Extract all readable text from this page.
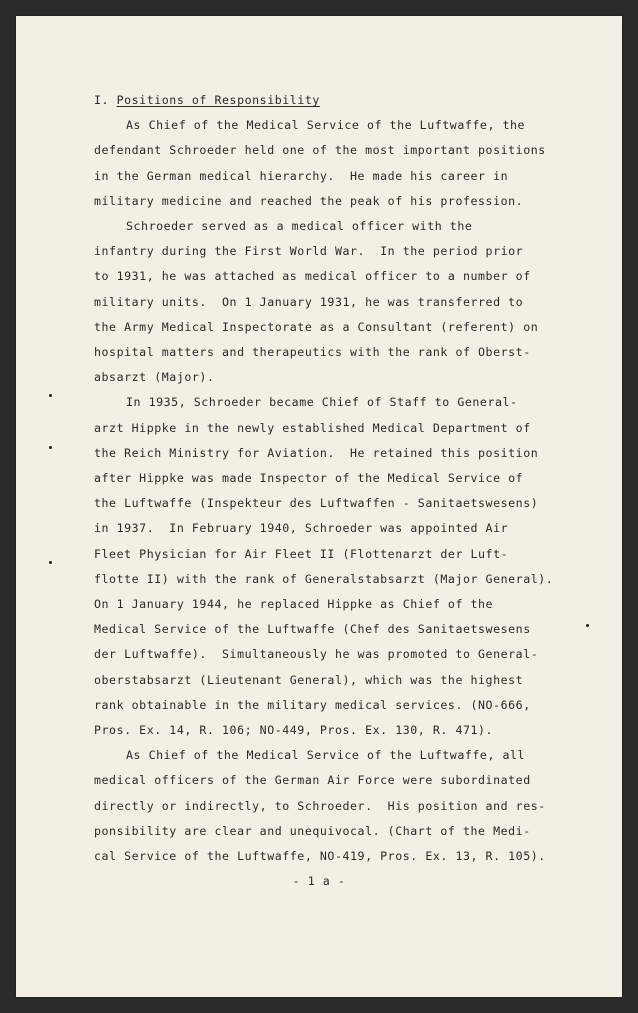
I. Positions of Responsibility

As Chief of the Medical Service of the Luftwaffe, the

defendant Schroeder held one of the most important positions

in the German medical hierarchy.  He made his career in

military medicine and reached the peak of his profession.

Schroeder served as a medical officer with the

infantry during the First World War.  In the period prior

to 1931, he was attached as medical officer to a number of

military units.  On 1 January 1931, he was transferred to

the Army Medical Inspectorate as a Consultant (referent) on

hospital matters and therapeutics with the rank of Oberst-

absarzt (Major).

In 1935, Schroeder became Chief of Staff to General-

arzt Hippke in the newly established Medical Department of

the Reich Ministry for Aviation.  He retained this position

after Hippke was made Inspector of the Medical Service of

the Luftwaffe (Inspekteur des Luftwaffen - Sanitaetswesens)

in 1937.  In February 1940, Schroeder was appointed Air

Fleet Physician for Air Fleet II (Flottenarzt der Luft-

flotte II) with the rank of Generalstabsarzt (Major General).

On 1 January 1944, he replaced Hippke as Chief of the

Medical Service of the Luftwaffe (Chef des Sanitaetswesens

der Luftwaffe).  Simultaneously he was promoted to General-

oberstabsarzt (Lieutenant General), which was the highest

rank obtainable in the military medical services. (NO-666,

Pros. Ex. 14, R. 106; NO-449, Pros. Ex. 130, R. 471).

As Chief of the Medical Service of the Luftwaffe, all

medical officers of the German Air Force were subordinated

directly or indirectly, to Schroeder.  His position and res-

ponsibility are clear and unequivocal. (Chart of the Medi-

cal Service of the Luftwaffe, NO-419, Pros. Ex. 13, R. 105).

- 1 a -
